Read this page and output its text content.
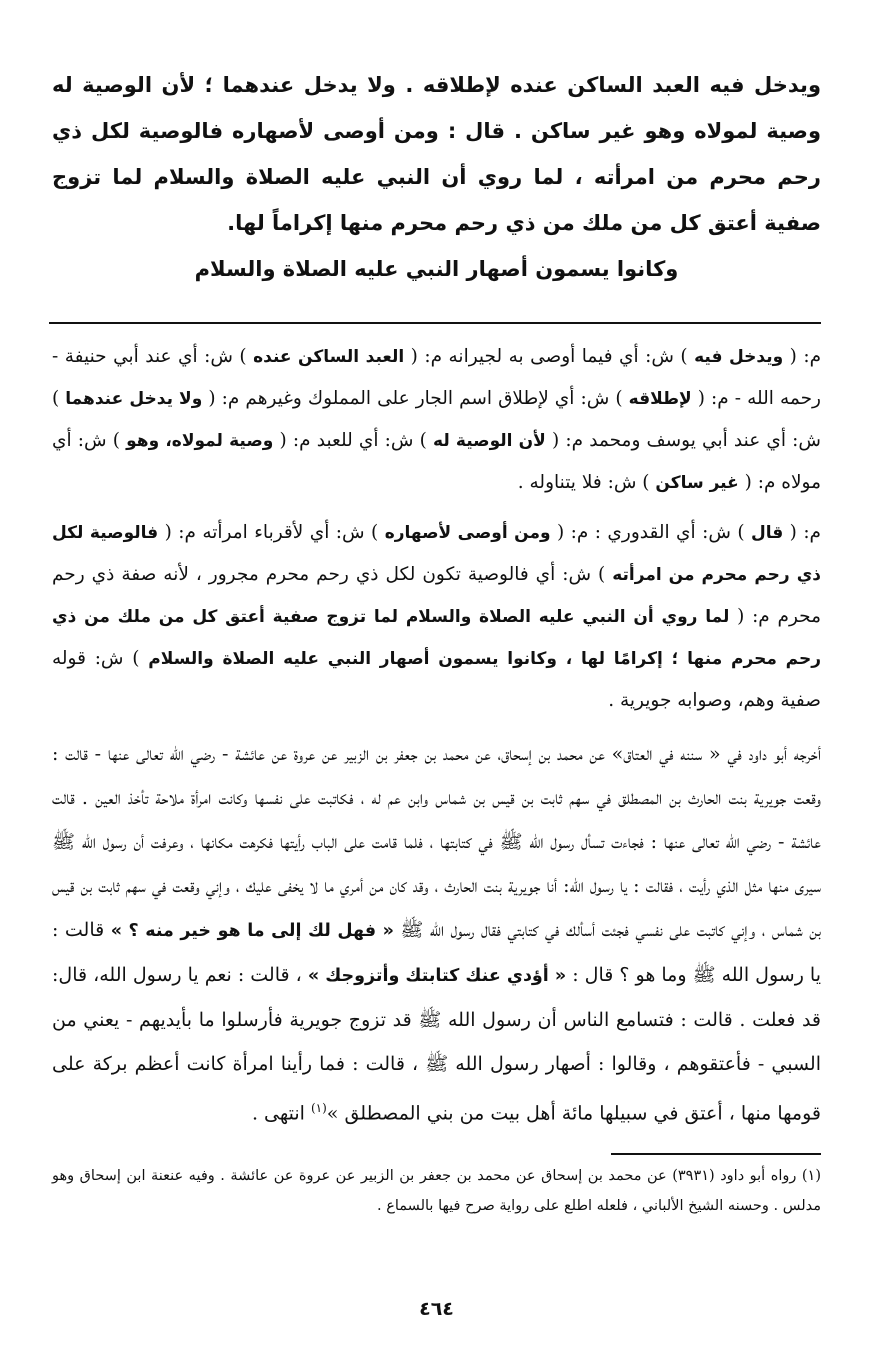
ويدخل فيه العبد الساكن عنده لإطلاقه . ولا يدخل عندهما ؛ لأن الوصية له وصية لمولاه وهو غير ساكن . قال : ومن أوصى لأصهاره فالوصية لكل ذي رحم محرم من امرأته ، لما روي أن النبي عليه الصلاة والسلام لما تزوج صفية أعتق كل من ملك من ذي رحم محرم منها إكراماً لها.

وكانوا يسمون أصهار النبي عليه الصلاة والسلام

م: ( ويدخل فيه ) ش: أي فيما أوصى به لجيرانه م: ( العبد الساكن عنده ) ش: أي عند أبي حنيفة - رحمه الله - م: ( لإطلاقه ) ش: أي لإطلاق اسم الجار على المملوك وغيرهم م: ( ولا يدخل عندهما ) ش: أي عند أبي يوسف ومحمد م: ( لأن الوصية له ) ش: أي للعبد م: ( وصية لمولاه، وهو ) ش: أي مولاه م: ( غير ساكن ) ش: فلا يتناوله .

م: ( قال ) ش: أي القدوري : م: ( ومن أوصى لأصهاره ) ش: أي لأقرباء امرأته م: ( فالوصية لكل ذي رحم محرم من امرأته ) ش: أي فالوصية تكون لكل ذي رحم محرم مجرور ، لأنه صفة ذي رحم محرم م: ( لما روي أن النبي عليه الصلاة والسلام لما تزوج صفية أعتق كل من ملك من ذي رحم محرم منها ؛ إكرامًا لها ، وكانوا يسمون أصهار النبي عليه الصلاة والسلام ) ش: قوله صفية وهم، وصوابه جويرية .

أخرجه أبو داود في « سننه في العتاق» عن محمد بن إسحاق، عن محمد بن جعفر بن الزبير عن عروة عن عائشة - رضي الله تعالى عنها - قالت : وقعت جويرية بنت الحارث بن المصطلق في سهم ثابت بن قيس بن شماس وابن عم له ، فكاتبت على نفسها وكانت امرأة ملاحة تأخذ العين . قالت عائشة - رضي الله تعالى عنها : فجاءت تسأل رسول الله ﷺ في كتابتها ، فلما قامت على الباب رأيتها فكرهت مكانها ، وعرفت أن رسول الله ﷺ سيرى منها مثل الذي رأيت ، فقالت : يا رسول الله: أنا جويرية بنت الحارث ، وقد كان من أمري ما لا يخفى عليك ، وإني وقعت في سهم ثابت بن قيس بن شماس ، وإني كاتبت على نفسي فجئت أسألك في كتابتي فقال رسول الله ﷺ « فهل لك إلى ما هو خير منه ؟ » قالت : يا رسول الله ﷺ وما هو ؟ قال : « أؤدي عنك كتابتك وأتزوجك » ، قالت : نعم يا رسول الله، قال: قد فعلت . قالت : فتسامع الناس أن رسول الله ﷺ قد تزوج جويرية فأرسلوا ما بأيديهم - يعني من السبي - فأعتقوهم ، وقالوا : أصهار رسول الله ﷺ ، قالت : فما رأينا امرأة كانت أعظم بركة على قومها منها ، أعتق في سبيلها مائة أهل بيت من بني المصطلق »$^{(١)}$ انتهى .

(١) رواه أبو داود (٣٩٣١) عن محمد بن إسحاق عن محمد بن جعفر بن الزبير عن عروة عن عائشة . وفيه عنعنة ابن إسحاق وهو مدلس . وحسنه الشيخ الألباني ، فلعله اطلع على رواية صرح فيها بالسماع .

٤٦٤
